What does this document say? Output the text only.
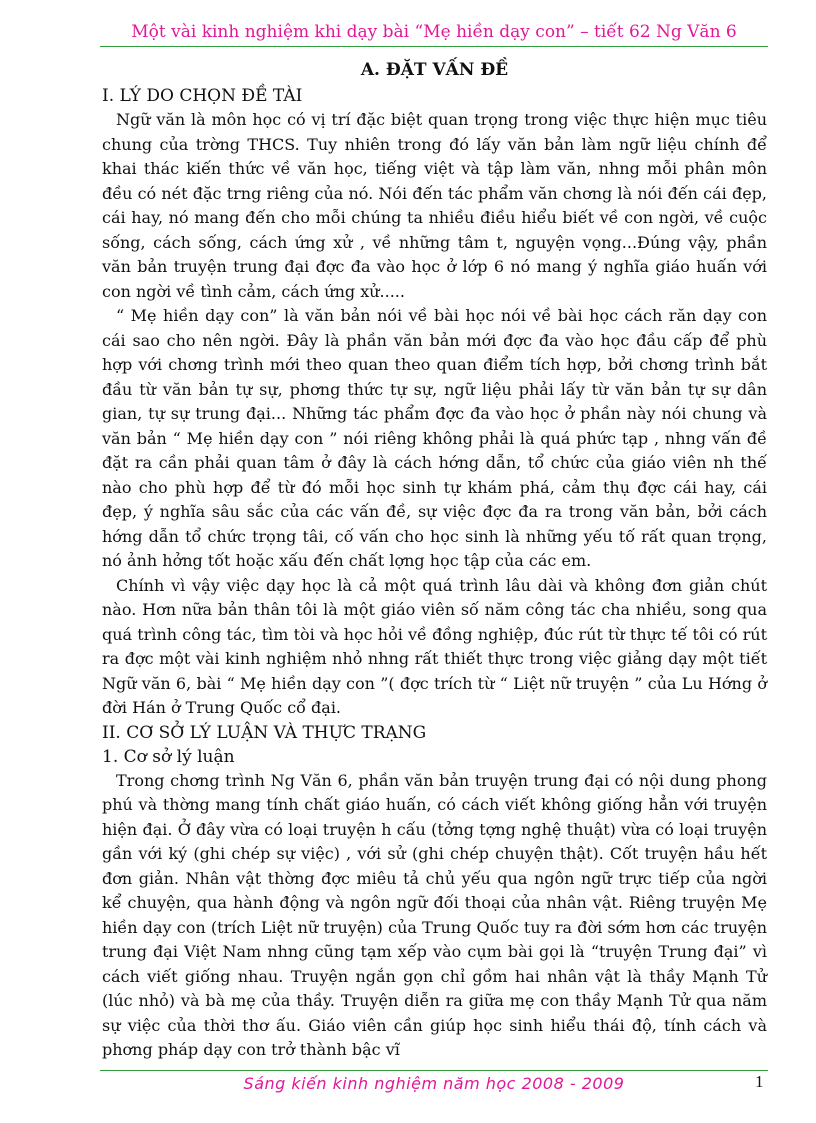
Một vài kinh nghiệm khi dạy bài “Mẹ hiền dạy con” – tiết 62 Ng Văn 6
A. ĐẶT VẤN ĐỀ
I. LÝ DO CHỌN ĐỀ TÀI

Ngữ văn là môn học có vị trí đặc biệt quan trọng trong việc thực hiện mục tiêu chung của trờng THCS. Tuy nhiên trong đó lấy văn bản làm ngữ liệu chính để khai thác kiến thức về văn học, tiếng việt và tập làm văn, nhng mỗi phân môn đều có nét đặc trng riêng của nó. Nói đến tác phẩm văn chơng là nói đến cái đẹp, cái hay, nó mang đến cho mỗi chúng ta nhiều điều hiểu biết về con ngời, về cuộc sống, cách sống, cách ứng xử , về những tâm t, nguyện vọng...Đúng vậy, phần văn bản truyện trung đại đợc đa vào học ở lớp 6 nó mang ý nghĩa giáo huấn với con ngời về tình cảm, cách ứng xử.....

“ Mẹ hiền dạy con” là văn bản nói về bài học nói về bài học cách răn dạy con cái sao cho nên ngời. Đây là phần văn bản mới đợc đa vào học đầu cấp để phù hợp với chơng trình mới theo quan theo quan điểm tích hợp, bởi chơng trình bắt đầu từ văn bản tự sự, phơng thức tự sự, ngữ liệu phải lấy từ văn bản tự sự dân gian, tự sự trung đại... Những tác phẩm đợc đa vào học ở phần này nói chung và văn bản “ Mẹ hiền dạy con ” nói riêng không phải là quá phức tạp , nhng vấn đề đặt ra cần phải quan tâm ở đây là cách hớng dẫn, tổ chức của giáo viên nh thế nào cho phù hợp để từ đó mỗi học sinh tự khám phá, cảm thụ đợc cái hay, cái đẹp, ý nghĩa sâu sắc của các vấn đề, sự việc đợc đa ra trong văn bản, bởi cách hớng dẫn tổ chức trọng tâi, cố vấn cho học sinh là những yếu tố rất quan trọng, nó ảnh hởng tốt hoặc xấu đến chất lợng học tập của các em.

Chính vì vậy việc dạy học là cả một quá trình lâu dài và không đơn giản chút nào. Hơn nữa bản thân tôi là một giáo viên số năm công tác cha nhiều, song qua quá trình công tác, tìm tòi và học hỏi về đồng nghiệp, đúc rút từ thực tế tôi có rút ra đợc một vài kinh nghiệm nhỏ nhng rất thiết thực trong việc giảng dạy một tiết Ngữ văn 6, bài “ Mẹ hiền dạy con ”( đợc trích từ “ Liệt nữ truyện ” của Lu Hớng ở đời Hán ở Trung Quốc cổ đại.

II. CƠ SỞ LÝ LUẬN VÀ THỰC TRẠNG
1. Cơ sở lý luận

Trong chơng trình Ng Văn 6, phần văn bản truyện trung đại có nội dung phong phú và thờng mang tính chất giáo huấn, có cách viết không giống hẳn với truyện hiện đại. Ở đây vừa có loại truyện h cấu (tởng tợng nghệ thuật) vừa có loại truyện gần với ký (ghi chép sự việc) , với sử (ghi chép chuyện thật). Cốt truyện hầu hết đơn giản. Nhân vật thờng đợc miêu tả chủ yếu qua ngôn ngữ trực tiếp của ngời kể chuyện, qua hành động và ngôn ngữ đối thoại của nhân vật. Riêng truyện Mẹ hiền dạy con (trích Liệt nữ truyện) của Trung Quốc tuy ra đời sớm hơn các truyện trung đại Việt Nam nhng cũng tạm xếp vào cụm bài gọi là “truyện Trung đại” vì cách viết giống nhau. Truyện ngắn gọn chỉ gồm hai nhân vật là thầy Mạnh Tử (lúc nhỏ) và bà mẹ của thầy. Truyện diễn ra giữa mẹ con thầy Mạnh Tử qua năm sự việc của thời thơ ấu. Giáo viên cần giúp học sinh hiểu thái độ, tính cách và phơng pháp dạy con trở thành bậc vĩ

Sáng kiến kinh nghiệm năm học 2008 - 2009	1
